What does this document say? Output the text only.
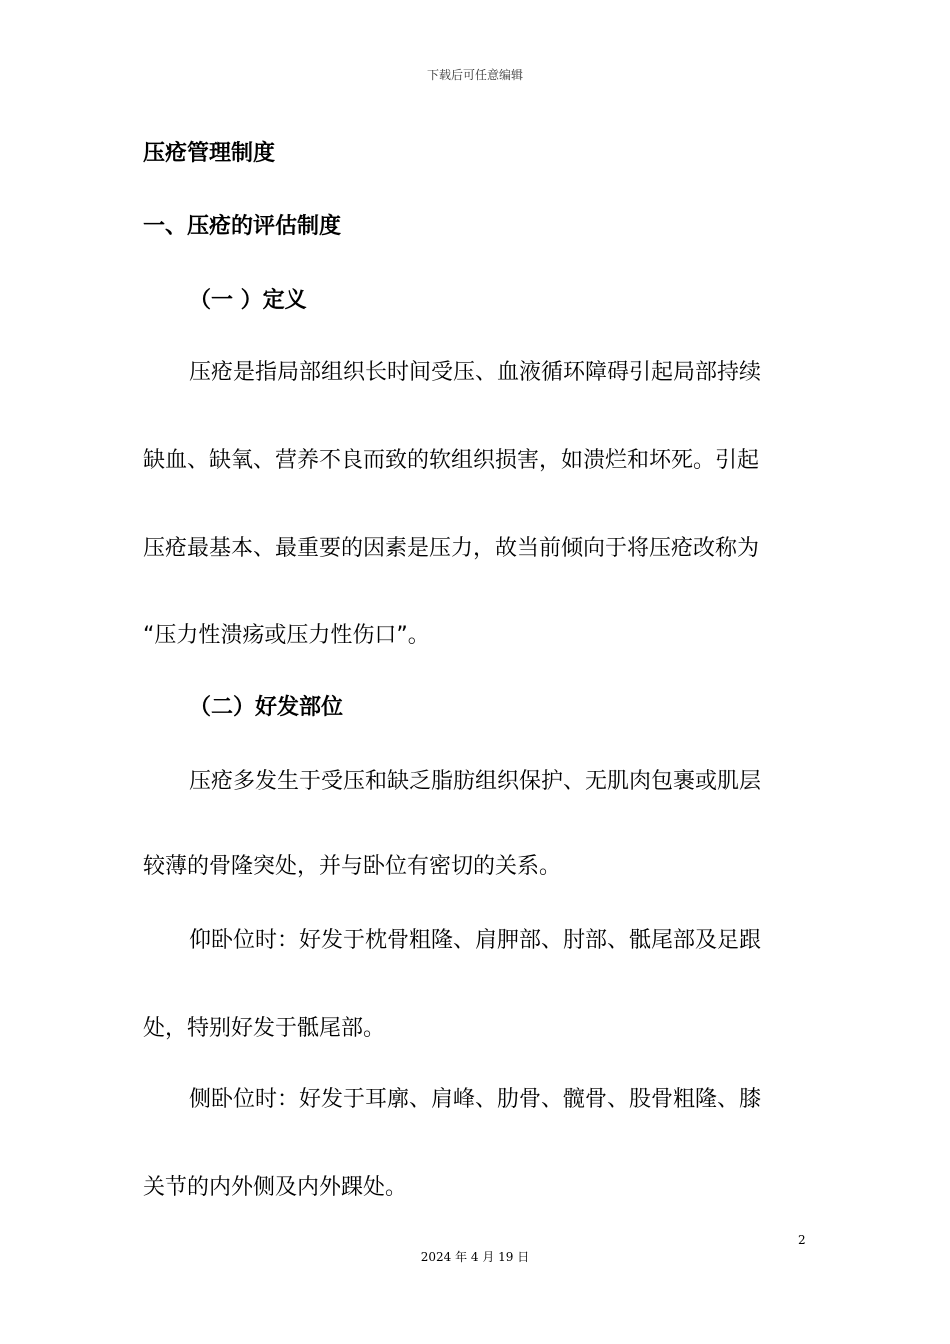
下载后可任意编辑
压疮管理制度
一、压疮的评估制度
（一 ）定义
压疮是指局部组织长时间受压、血液循环障碍引起局部持续
缺血、缺氧、营养不良而致的软组织损害，如溃烂和坏死。引起
压疮最基本、最重要的因素是压力，故当前倾向于将压疮改称为
“压力性溃疡或压力性伤口”。
（二）好发部位
压疮多发生于受压和缺乏脂肪组织保护、无肌肉包裹或肌层
较薄的骨隆突处，并与卧位有密切的关系。
仰卧位时：好发于枕骨粗隆、肩胛部、肘部、骶尾部及足跟
处，特别好发于骶尾部。
侧卧位时：好发于耳廓、肩峰、肋骨、髋骨、股骨粗隆、膝
关节的内外侧及内外踝处。
2
2024 年 4 月 19 日
